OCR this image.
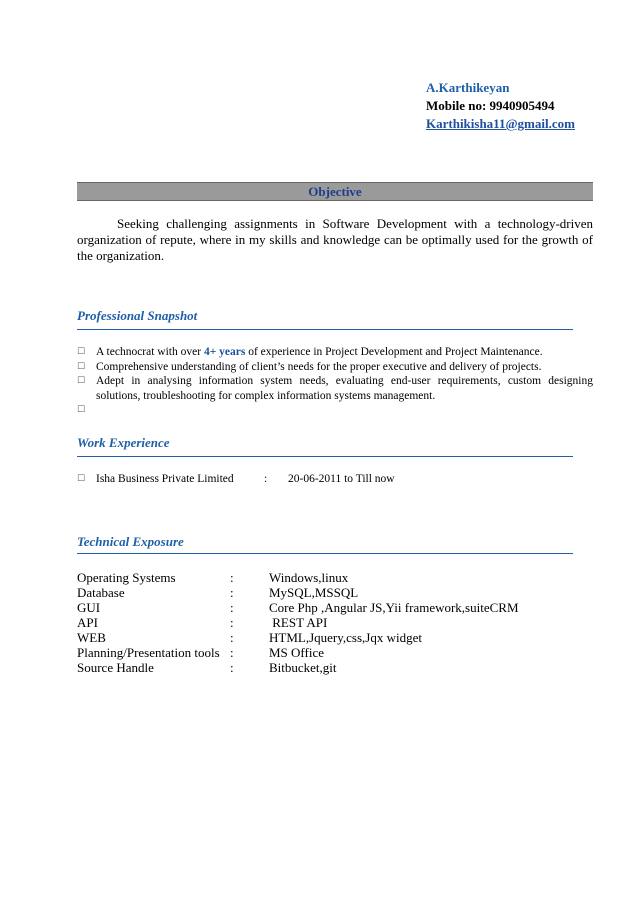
A.Karthikeyan
Mobile no: 9940905494
Karthikisha11@gmail.com
Objective
Seeking challenging assignments in Software Development with a technology-driven organization of repute, where in my skills and knowledge can be optimally used for the growth of the organization.
Professional Snapshot
☐ A technocrat with over 4+ years of experience in Project Development and Project Maintenance.
☐ Comprehensive understanding of client’s needs for the proper executive and delivery of projects.
☐ Adept in analysing information system needs, evaluating end-user requirements, custom designing solutions, troubleshooting for complex information systems management.
☐
Work Experience
☐ Isha Business Private Limited	: 20-06-2011 to Till now
Technical Exposure
Operating Systems	:	Windows,linux
Database	:	MySQL,MSSQL
GUI	:	Core Php ,Angular JS,Yii framework,suiteCRM
API	:	REST API
WEB	:	HTML,Jquery,css,Jqx widget
Planning/Presentation tools :	MS Office
Source Handle	:	Bitbucket,git
